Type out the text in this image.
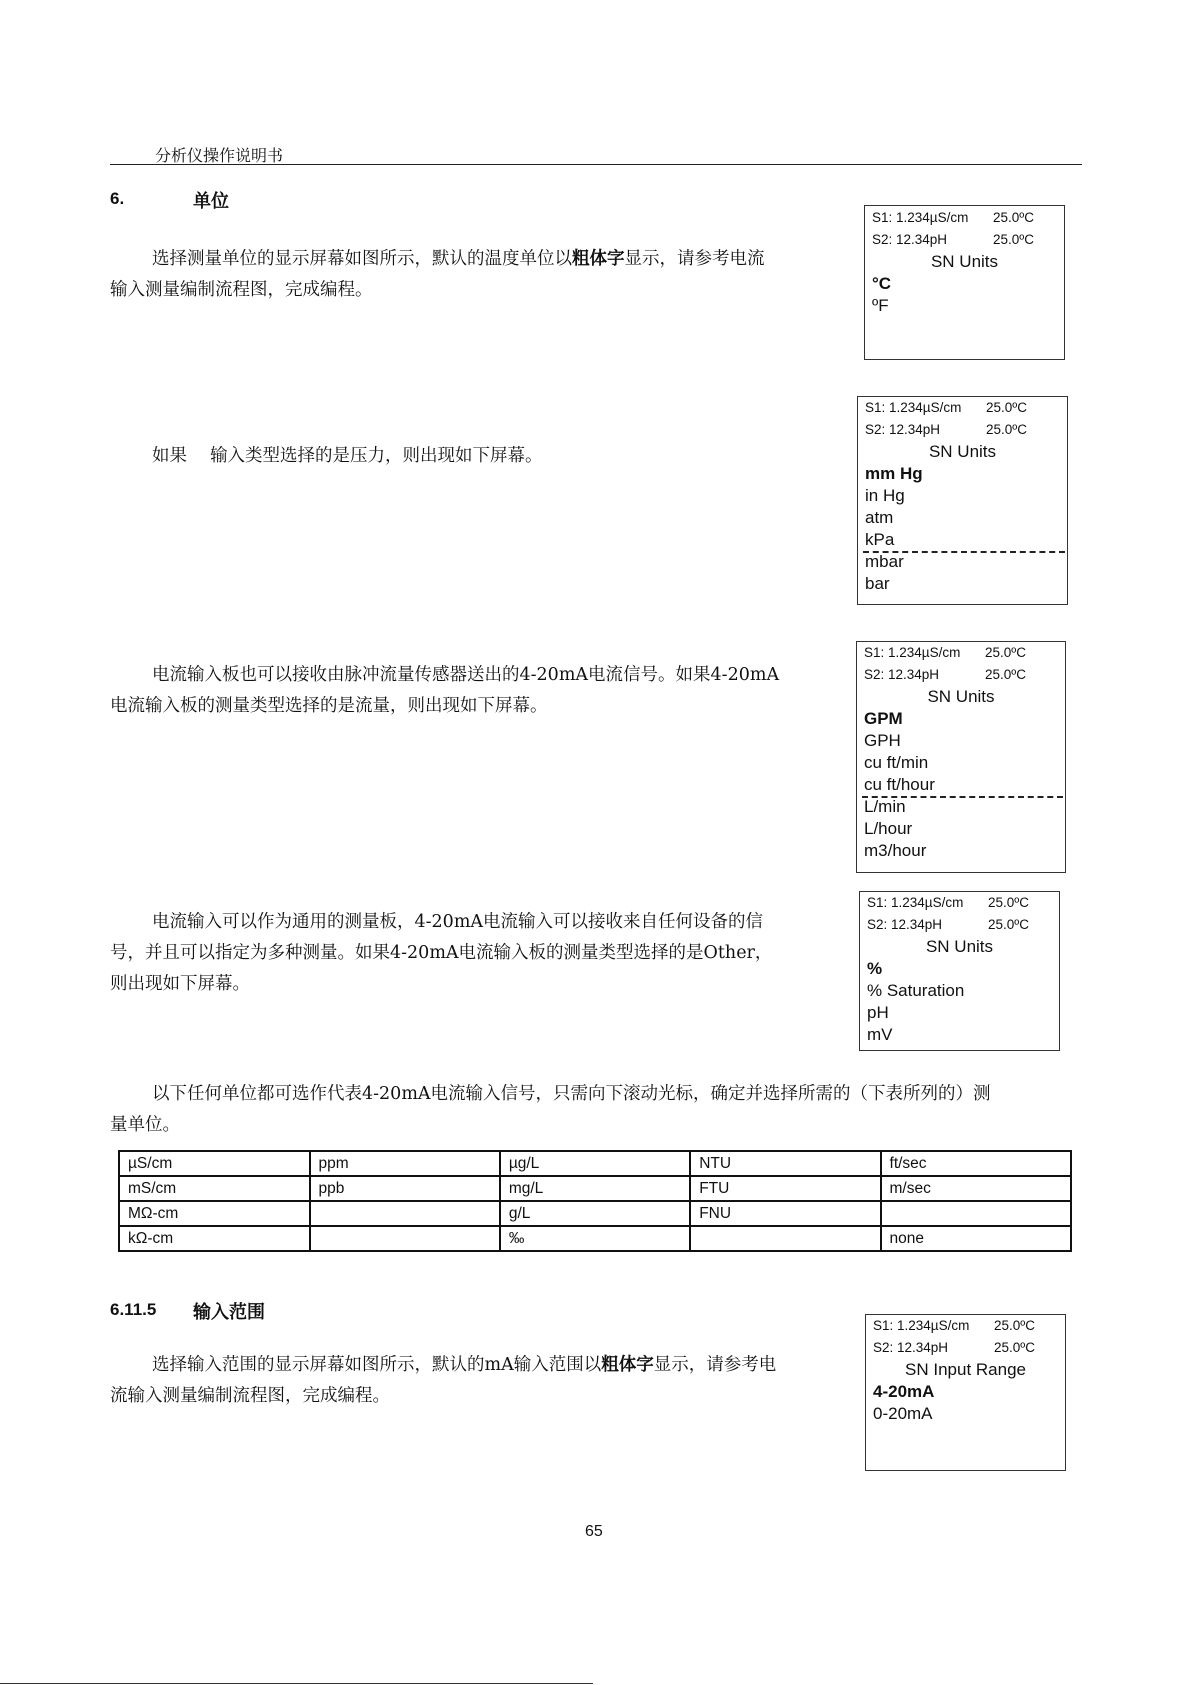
分析仪操作说明书
6.	单位
选择测量单位的显示屏幕如图所示，默认的温度单位以粗体字显示，请参考电流
输入测量编制流程图，完成编程。
S1: 1.234µS/cm 25.0ºC
S2: 12.34pH	25.0ºC
SN Units
°C
ºF
如果　 输入类型选择的是压力，则出现如下屏幕。
S1: 1.234µS/cm 25.0ºC
S2: 12.34pH	25.0ºC
SN Units
mm Hg
in Hg
atm
kPa
mbar
bar
电流输入板也可以接收由脉冲流量传感器送出的4-20mA电流信号。如果4-20mA
电流输入板的测量类型选择的是流量，则出现如下屏幕。
S1: 1.234µS/cm 25.0ºC
S2: 12.34pH	25.0ºC
SN Units
GPM
GPH
cu ft/min
cu ft/hour
L/min
L/hour
m3/hour
电流输入可以作为通用的测量板，4-20mA电流输入可以接收来自任何设备的信
号，并且可以指定为多种测量。如果4-20mA电流输入板的测量类型选择的是Other，
则出现如下屏幕。
S1: 1.234µS/cm 25.0ºC
S2: 12.34pH	25.0ºC
SN Units
%
% Saturation
pH
mV
以下任何单位都可选作代表4-20mA电流输入信号，只需向下滚动光标，确定并选择所需的（下表所列的）测
量单位。
µS/cm	ppm	µg/L	NTU	ft/sec
mS/cm	ppb	mg/L	FTU	m/sec
MΩ-cm		g/L	FNU	
kΩ-cm		‰		none
6.11.5 输入范围
选择输入范围的显示屏幕如图所示，默认的mA输入范围以粗体字显示，请参考电
流输入测量编制流程图，完成编程。
S1: 1.234µS/cm 25.0ºC
S2: 12.34pH	25.0ºC
SN Input Range
4-20mA
0-20mA
65
